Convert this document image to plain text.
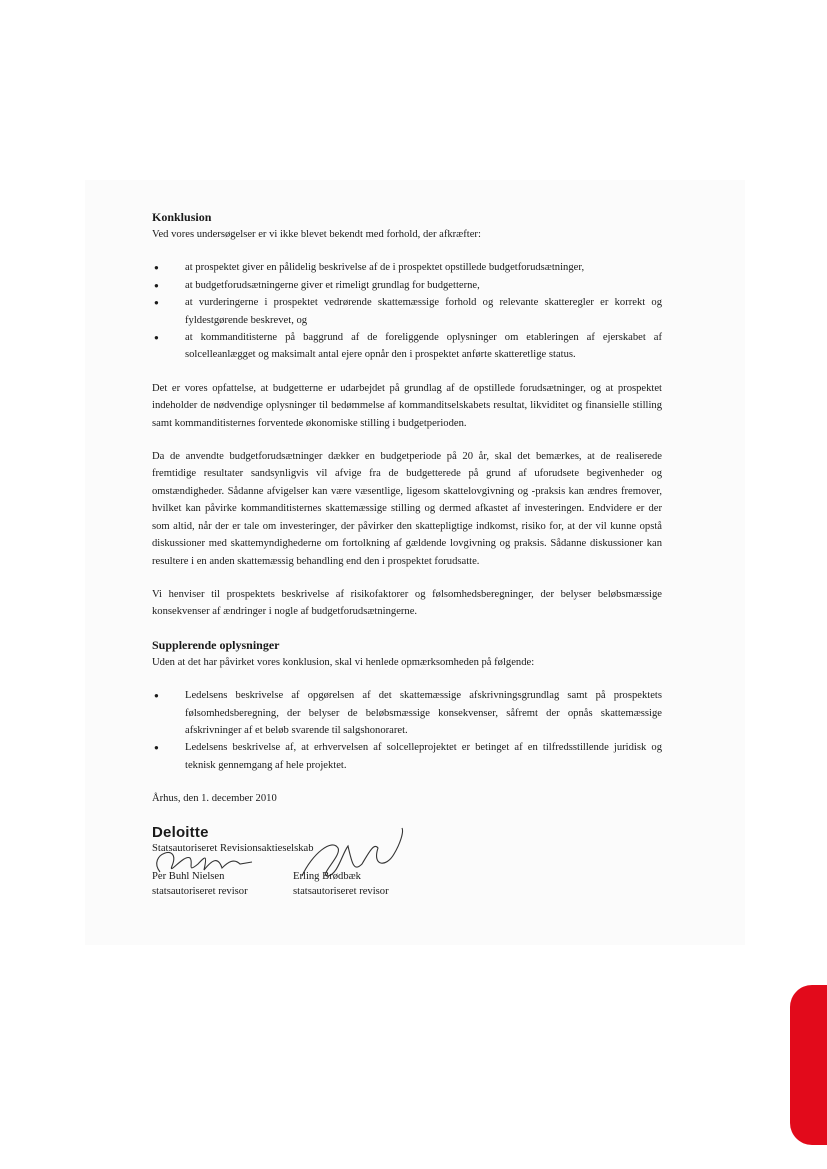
Konklusion

Ved vores undersøgelser er vi ikke blevet bekendt med forhold, der afkræfter:

● at prospektet giver en pålidelig beskrivelse af de i prospektet opstillede budgetforudsætninger,
● at budgetforudsætningerne giver et rimeligt grundlag for budgetterne,
● at vurderingerne i prospektet vedrørende skattemæssige forhold og relevante skatteregler er korrekt og fyldestgørende beskrevet, og
● at kommanditisterne på baggrund af de foreliggende oplysninger om etableringen af ejerskabet af solcelleanlægget og maksimalt antal ejere opnår den i prospektet anførte skatteretlige status.

Det er vores opfattelse, at budgetterne er udarbejdet på grundlag af de opstillede forudsætninger, og at prospektet indeholder de nødvendige oplysninger til bedømmelse af kommanditselskabets resultat, likviditet og finansielle stilling samt kommanditisternes forventede økonomiske stilling i budgetperioden.

Da de anvendte budgetforudsætninger dækker en budgetperiode på 20 år, skal det bemærkes, at de realiserede fremtidige resultater sandsynligvis vil afvige fra de budgetterede på grund af uforudsete begivenheder og omstændigheder. Sådanne afvigelser kan være væsentlige, ligesom skattelovgivning og -praksis kan ændres fremover, hvilket kan påvirke kommanditisternes skattemæssige stilling og dermed afkastet af investeringen. Endvidere er der som altid, når der er tale om investeringer, der påvirker den skattepligtige indkomst, risiko for, at der vil kunne opstå diskussioner med skattemyndighederne om fortolkning af gældende lovgivning og praksis. Sådanne diskussioner kan resultere i en anden skattemæssig behandling end den i prospektet forudsatte.

Vi henviser til prospektets beskrivelse af risikofaktorer og følsomhedsberegninger, der belyser beløbsmæssige konsekvenser af ændringer i nogle af budgetforudsætningerne.

Supplerende oplysninger

Uden at det har påvirket vores konklusion, skal vi henlede opmærksomheden på følgende:

● Ledelsens beskrivelse af opgørelsen af det skattemæssige afskrivningsgrundlag samt på prospektets følsomhedsberegning, der belyser de beløbsmæssige konsekvenser, såfremt der opnås skattemæssige afskrivninger af et beløb svarende til salgshonoraret.
● Ledelsens beskrivelse af, at erhvervelsen af solcelleprojektet er betinget af en tilfredsstillende juridisk og teknisk gennemgang af hele projektet.

Århus, den 1. december 2010

Deloitte
Statsautoriseret Revisionsaktieselskab
Per Buhl Nielsen
statsautoriseret revisor
Erling Brødbæk
statsautoriseret revisor
